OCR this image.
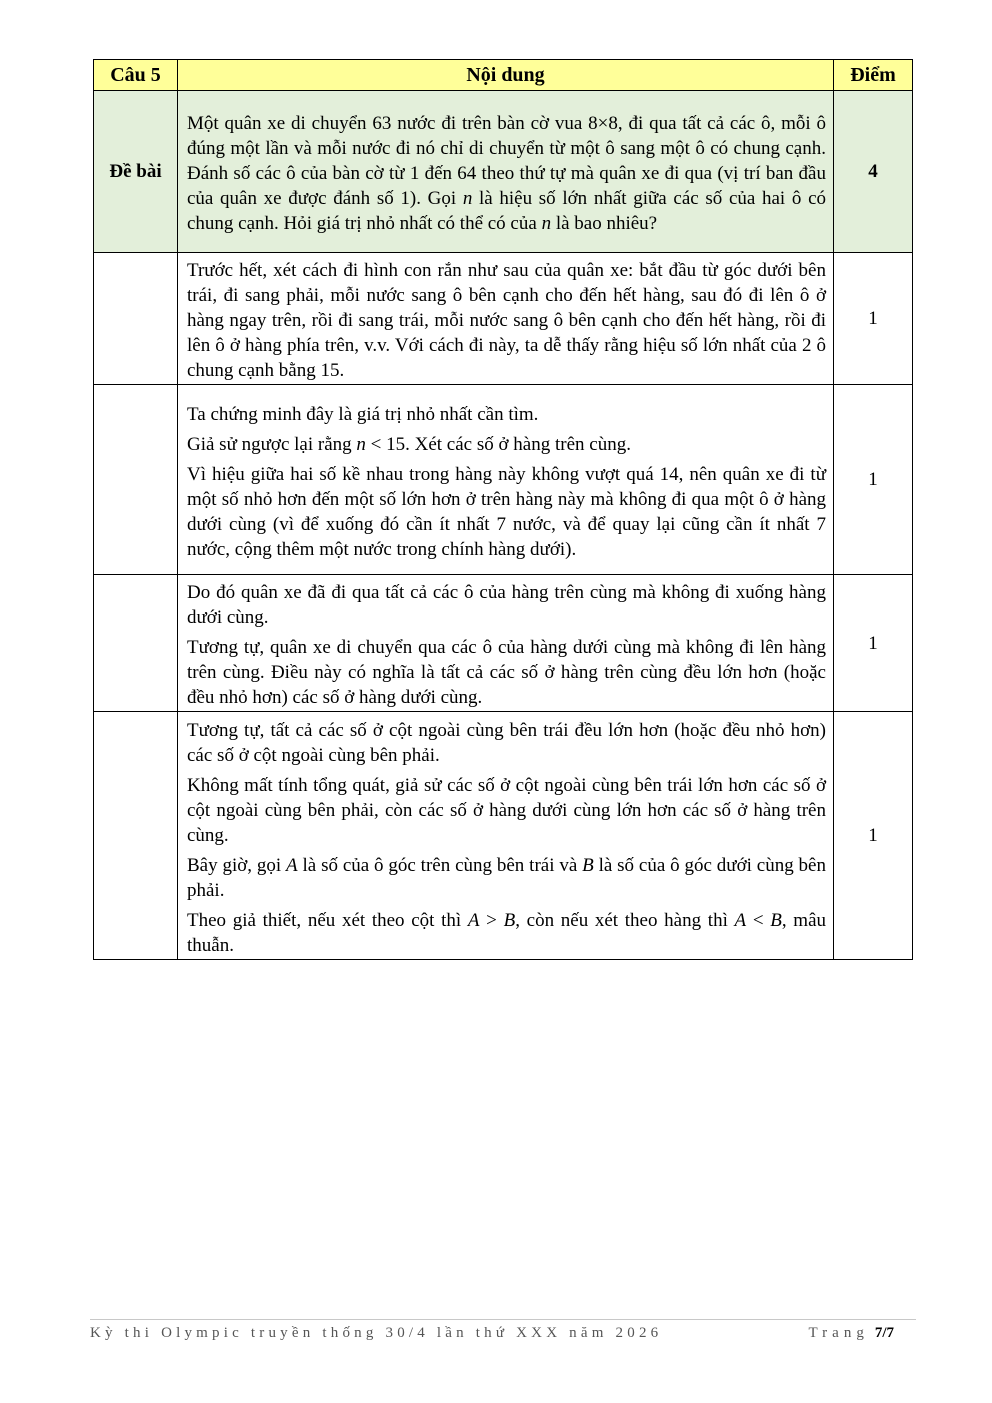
Câu 5	Nội dung	Điểm
Đề bài	Một quân xe di chuyển 63 nước đi trên bàn cờ vua 8×8, đi qua tất cả các ô, mỗi ô đúng một lần và mỗi nước đi nó chỉ di chuyển từ một ô sang một ô có chung cạnh. Đánh số các ô của bàn cờ từ 1 đến 64 theo thứ tự mà quân xe đi qua (vị trí ban đầu của quân xe được đánh số 1). Gọi n là hiệu số lớn nhất giữa các số của hai ô có chung cạnh. Hỏi giá trị nhỏ nhất có thể có của n là bao nhiêu?	4

	Trước hết, xét cách đi hình con rắn như sau của quân xe: bắt đầu từ góc dưới bên trái, đi sang phải, mỗi nước sang ô bên cạnh cho đến hết hàng, sau đó đi lên ô ở hàng ngay trên, rồi đi sang trái, mỗi nước sang ô bên cạnh cho đến hết hàng, rồi đi lên ô ở hàng phía trên, v.v. Với cách đi này, ta dễ thấy rằng hiệu số lớn nhất của 2 ô chung cạnh bằng 15.	1

	Ta chứng minh đây là giá trị nhỏ nhất cần tìm.

Giả sử ngược lại rằng n < 15. Xét các số ở hàng trên cùng.

Vì hiệu giữa hai số kề nhau trong hàng này không vượt quá 14, nên quân xe đi từ một số nhỏ hơn đến một số lớn hơn ở trên hàng này mà không đi qua một ô ở hàng dưới cùng (vì để xuống đó cần ít nhất 7 nước, và để quay lại cũng cần ít nhất 7 nước, cộng thêm một nước trong chính hàng dưới).	1

	Do đó quân xe đã đi qua tất cả các ô của hàng trên cùng mà không đi xuống hàng dưới cùng.

Tương tự, quân xe di chuyển qua các ô của hàng dưới cùng mà không đi lên hàng trên cùng. Điều này có nghĩa là tất cả các số ở hàng trên cùng đều lớn hơn (hoặc đều nhỏ hơn) các số ở hàng dưới cùng.	1

	Tương tự, tất cả các số ở cột ngoài cùng bên trái đều lớn hơn (hoặc đều nhỏ hơn) các số ở cột ngoài cùng bên phải.

Không mất tính tổng quát, giả sử các số ở cột ngoài cùng bên trái lớn hơn các số ở cột ngoài cùng bên phải, còn các số ở hàng dưới cùng lớn hơn các số ở hàng trên cùng.

Bây giờ, gọi A là số của ô góc trên cùng bên trái và B là số của ô góc dưới cùng bên phải.

Theo giả thiết, nếu xét theo cột thì A > B, còn nếu xét theo hàng thì A < B, mâu thuẫn.	1
Kỳ thi Olympic truyền thống 30/4 lần thứ XXX năm 2026	Trang 7/7
